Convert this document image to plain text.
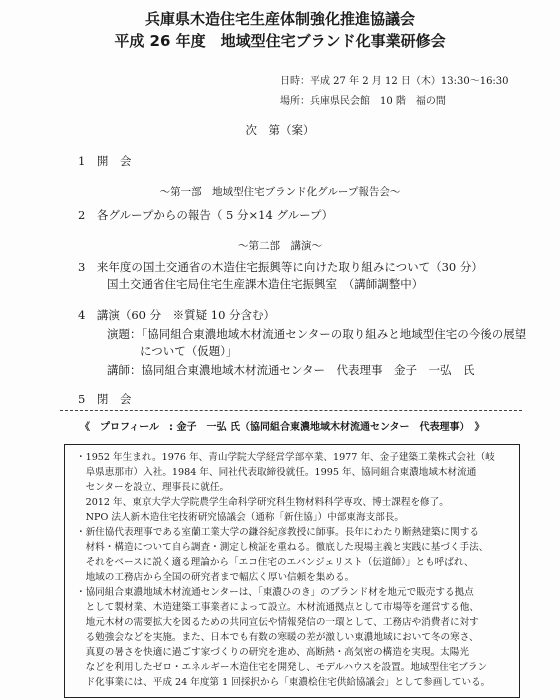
兵庫県木造住宅生産体制強化推進協議会
平成 26 年度　地域型住宅ブランド化事業研修会
日時：平成 27 年 2 月 12 日（木）13:30～16:30
場所：兵庫県民会館　10 階　福の間
次　第（案）
1　開　会
～第一部　地域型住宅ブランド化グループ報告会～
2　各グループからの報告（ 5 分×14 グループ）
～第二部　講演～
3　来年度の国土交通省の木造住宅振興等に向けた取り組みについて（30 分）
国土交通省住宅局住宅生産課木造住宅振興室　（講師調整中）
4　講演（60 分　※質疑 10 分含む）
演題：「協同組合東濃地域木材流通センターの取り組みと地域型住宅の今後の展望
について（仮題）」
講師：協同組合東濃地域木材流通センター　代表理事　金子　一弘　氏
5　閉　会
《　プロフィール　: 金子　一弘 氏（協同組合東濃地域木材流通センター　代表理事）　》
・1952 年生まれ。1976 年、青山学院大学経営学部卒業、1977 年、金子建築工業株式会社（岐
　阜県恵那市）入社。1984 年、同社代表取締役就任。1995 年、協同組合東濃地域木材流通
　センターを設立、理事長に就任。
　2012 年、東京大学大学院農学生命科学研究科生物材料科学専攻、博士課程を修了。
　NPO 法人新木造住宅技術研究協議会（通称「新住協」）中部東海支部長。
・新住協代表理事である室蘭工業大学の鎌谷紀彦教授に師事。長年にわたり断熱建築に関する
　材料・構造について自ら調査・測定し検証を重ねる。徹底した現場主義と実践に基づく手法、
　それをベースに説く適る理論から「エコ住宅のエバンジェリスト（伝道師）」とも呼ばれ、
　地域の工務店から全国の研究者まで幅広く厚い信頼を集める。
・協同組合東濃地域木材流通センターは、「東濃ひのき」のブランド材を地元で販売する拠点
　として製材業、木造建築工事業者によって設立。木材流通拠点として市場等を運営する他、
　地元木材の需要拡大を図るための共同宣伝や情報発信の一環として、工務店や消費者に対す
　る勉強会などを実施。また、日本でも有数の寒暖の差が激しい東濃地域において冬の寒さ、
　真夏の暑さを快適に過ごす家づくりの研究を進め、高断熱・高気密の構造を実現。太陽光
　などを利用したゼロ・エネルギー木造住宅を開発し、モデルハウスを設置。地域型住宅ブラン
　ド化事業には、平成 24 年度第 1 回採択から「東濃桧住宅供給協議会」として参画している。
